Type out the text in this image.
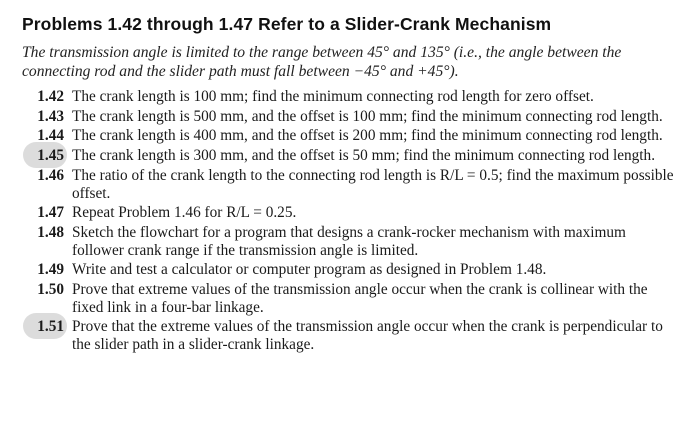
Problems 1.42 through 1.47 Refer to a Slider-Crank Mechanism
The transmission angle is limited to the range between 45° and 135° (i.e., the angle between the connecting rod and the slider path must fall between −45° and +45°).
1.42 The crank length is 100 mm; find the minimum connecting rod length for zero offset.
1.43 The crank length is 500 mm, and the offset is 100 mm; find the minimum connecting rod length.
1.44 The crank length is 400 mm, and the offset is 200 mm; find the minimum connecting rod length.
1.45 The crank length is 300 mm, and the offset is 50 mm; find the minimum connecting rod length.
1.46 The ratio of the crank length to the connecting rod length is R/L = 0.5; find the maximum possible offset.
1.47 Repeat Problem 1.46 for R/L = 0.25.
1.48 Sketch the flowchart for a program that designs a crank-rocker mechanism with maximum follower crank range if the transmission angle is limited.
1.49 Write and test a calculator or computer program as designed in Problem 1.48.
1.50 Prove that extreme values of the transmission angle occur when the crank is collinear with the fixed link in a four-bar linkage.
1.51 Prove that the extreme values of the transmission angle occur when the crank is perpendicular to the slider path in a slider-crank linkage.
